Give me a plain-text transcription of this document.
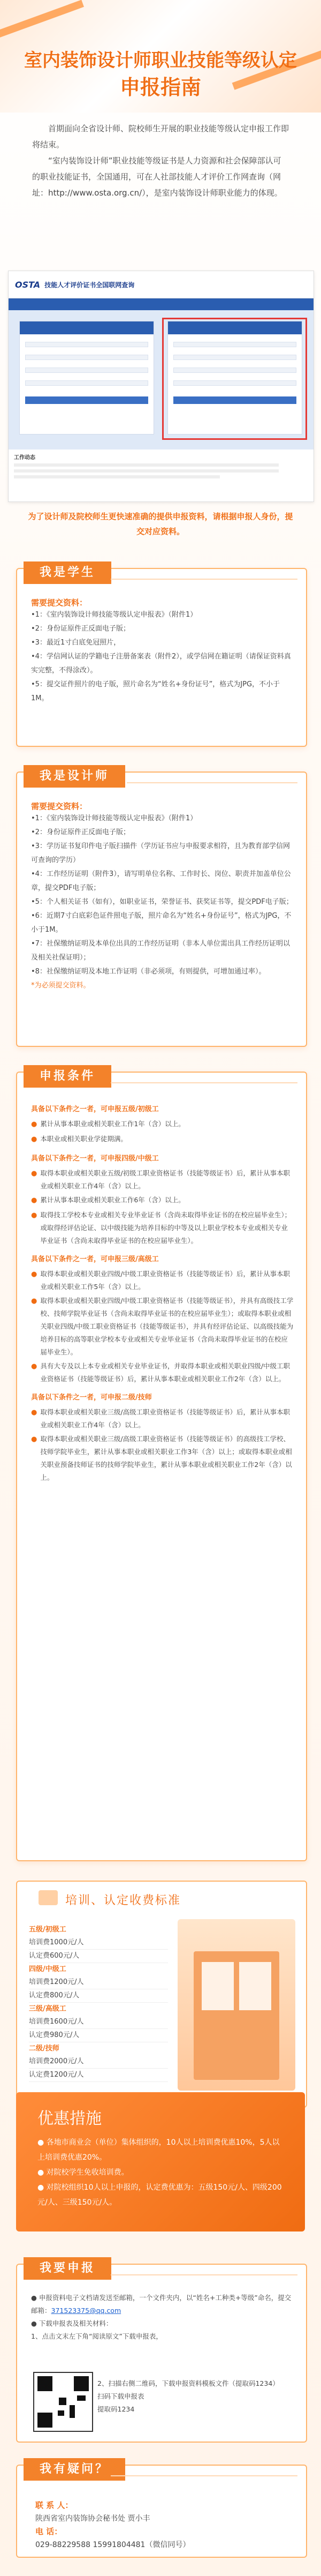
室内装饰设计师职业技能等级认定
申报指南

首期面向全省设计师、院校师生开展的职业技能等级认定申报工作即将结束。

“室内装饰设计师”职业技能等级证书是人力资源和社会保障部认可的职业技能证书，全国通用，可在人社部技能人才评价工作网查询（网址：http://www.osta.org.cn/），是室内装饰设计师职业能力的体现。

OSTA 技能人才评价证书全国联网查询
工作动态
为了设计师及院校师生更快速准确的提供申报资料，请根据申报人身份，提交对应资料。
我是学生
需要提交资料：
•1：《室内装饰设计师技能等级认定申报表》（附件1）
•2：身份证原件正反面电子版；
•3：最近1寸白底免冠照片，
•4：学信网认证的学籍电子注册备案表（附件2），或学信网在籍证明（请保证资料真实完整，不得涂改）。
•5：提交证件照片的电子版，照片命名为“姓名+身份证号”，格式为JPG，不小于1M。
我是设计师
需要提交资料：
•1：《室内装饰设计师技能等级认定申报表》（附件1）
•2：身份证原件正反面电子版；
•3：学历证书复印件电子版扫描件（学历证书应与申报要求相符，且为教育部学信网可查询的学历）
•4：工作经历证明（附件3），请写明单位名称、工作时长、岗位、职责并加盖单位公章，提交PDF电子版；
•5：个人相关证书（如有），如职业证书，荣誉证书、获奖证书等，提交PDF电子版；
•6：近期7寸白底彩色证件照电子版，照片命名为“姓名+身份证号”，格式为JPG，不小于1M。
•7：社保缴纳证明及本单位出具的工作经历证明（非本人单位需出具工作经历证明以及相关社保证明）；
•8：社保缴纳证明及本地工作证明（非必须项，有则提供，可增加通过率）。
*为必须提交资料。
申报条件
具备以下条件之一者，可申报五级/初级工
● 累计从事本职业或相关职业工作1年（含）以上。
● 本职业或相关职业学徒期满。
具备以下条件之一者，可申报四级/中级工
● 取得本职业或相关职业五级/初级工职业资格证书（技能等级证书）后，累计从事本职业或相关职业工作4年（含）以上。
● 累计从事本职业或相关职业工作6年（含）以上。
● 取得技工学校本专业或相关专业毕业证书（含尚未取得毕业证书的在校应届毕业生）；或取得经评估论证、以中级技能为培养目标的中等及以上职业学校本专业或相关专业毕业证书（含尚未取得毕业证书的在校应届毕业生）。
具备以下条件之一者，可申报三级/高级工
● 取得本职业或相关职业四级/中级工职业资格证书（技能等级证书）后，累计从事本职业或相关职业工作5年（含）以上。
● 取得本职业或相关职业四级/中级工职业资格证书（技能等级证书），并具有高级技工学校、技师学院毕业证书（含尚未取得毕业证书的在校应届毕业生）；或取得本职业或相关职业四级/中级工职业资格证书（技能等级证书），并具有经评估论证、以高级技能为培养目标的高等职业学校本专业或相关专业毕业证书（含尚未取得毕业证书的在校应届毕业生）。
● 具有大专及以上本专业或相关专业毕业证书，并取得本职业或相关职业四级/中级工职业资格证书（技能等级证书）后，累计从事本职业或相关职业工作2年（含）以上。
具备以下条件之一者，可申报二级/技师
● 取得本职业或相关职业三级/高级工职业资格证书（技能等级证书）后，累计从事本职业或相关职业工作4年（含）以上。
● 取得本职业或相关职业三级/高级工职业资格证书（技能等级证书）的高级技工学校、技师学院毕业生，累计从事本职业或相关职业工作3年（含）以上；或取得本职业或相关职业预备技师证书的技师学院毕业生，累计从事本职业或相关职业工作2年（含）以上。
培训、认定收费标准
五级/初级工
培训费1000元/人
认定费600元/人
四级/中级工
培训费1200元/人
认定费800元/人
三级/高级工
培训费1600元/人
认定费980元/人
二级/技师
培训费2000元/人
认定费1200元/人
优惠措施
● 各地市商业会（单位）集体组织的，10人以上培训费优惠10%，5人以上培训费优惠20%。
● 对院校学生免收培训费。
● 对院校组织10人以上申报的，认定费优惠为：五级150元/人、四级200元/人、三级150元/人。
我要申报
● 申报资料电子文档请发送至邮箱，一个文件夹内，以“姓名+工种类+等级”命名，提交邮箱：371523375@qq.com
● 下载申报表及相关材料：
1、点击文末左下角“阅读原文”下载申报表，
2、扫描右侧二维码，下载申报资料模板文件（提取码1234）
扫码下载申报表
提取码1234
我有疑问？
联 系 人：
陕西省室内装饰协会秘书处 贾小丰
电 话：
029-88229588 15991804481（微信同号）
